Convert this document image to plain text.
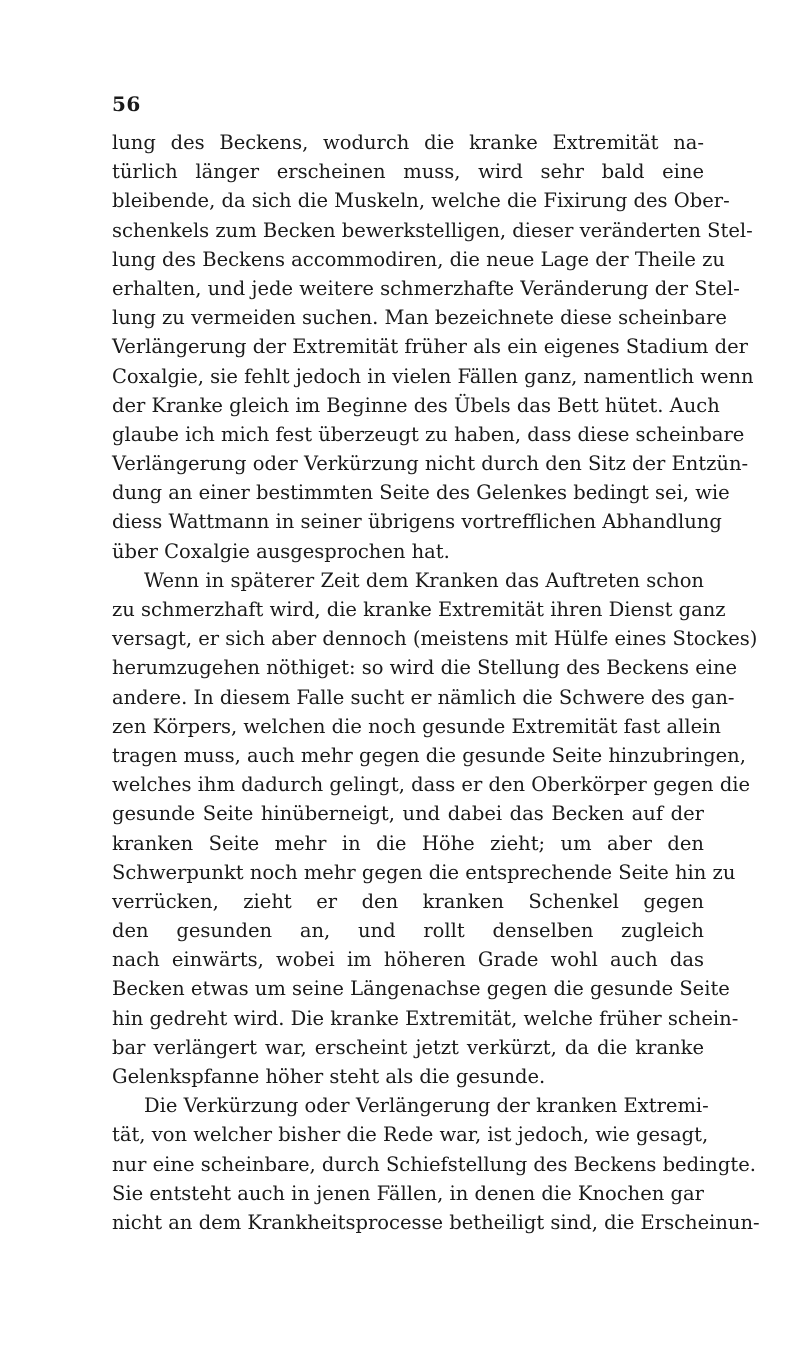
56
lung des Beckens, wodurch die kranke Extremität na-
türlich länger erscheinen muss, wird sehr bald eine
bleibende, da sich die Muskeln, welche die Fixirung des Ober-
schenkels zum Becken bewerkstelligen, dieser veränderten Stel-
lung des Beckens accommodiren, die neue Lage der Theile zu
erhalten, und jede weitere schmerzhafte Veränderung der Stel-
lung zu vermeiden suchen. Man bezeichnete diese scheinbare
Verlängerung der Extremität früher als ein eigenes Stadium der
Coxalgie, sie fehlt jedoch in vielen Fällen ganz, namentlich wenn
der Kranke gleich im Beginne des Übels das Bett hütet. Auch
glaube ich mich fest überzeugt zu haben, dass diese scheinbare
Verlängerung oder Verkürzung nicht durch den Sitz der Entzün-
dung an einer bestimmten Seite des Gelenkes bedingt sei, wie
diess Wattmann in seiner übrigens vortrefflichen Abhandlung
über Coxalgie ausgesprochen hat.
Wenn in späterer Zeit dem Kranken das Auftreten schon
zu schmerzhaft wird, die kranke Extremität ihren Dienst ganz
versagt, er sich aber dennoch (meistens mit Hülfe eines Stockes)
herumzugehen nöthiget: so wird die Stellung des Beckens eine
andere. In diesem Falle sucht er nämlich die Schwere des gan-
zen Körpers, welchen die noch gesunde Extremität fast allein
tragen muss, auch mehr gegen die gesunde Seite hinzubringen,
welches ihm dadurch gelingt, dass er den Oberkörper gegen die
gesunde Seite hinüberneigt, und dabei das Becken auf der
kranken Seite mehr in die Höhe zieht; um aber den
Schwerpunkt noch mehr gegen die entsprechende Seite hin zu
verrücken, zieht er den kranken Schenkel gegen
den gesunden an, und rollt denselben zugleich
nach einwärts, wobei im höheren Grade wohl auch das
Becken etwas um seine Längenachse gegen die gesunde Seite
hin gedreht wird. Die kranke Extremität, welche früher schein-
bar verlängert war, erscheint jetzt verkürzt, da die kranke
Gelenkspfanne höher steht als die gesunde.
Die Verkürzung oder Verlängerung der kranken Extremi-
tät, von welcher bisher die Rede war, ist jedoch, wie gesagt,
nur eine scheinbare, durch Schiefstellung des Beckens bedingte.
Sie entsteht auch in jenen Fällen, in denen die Knochen gar
nicht an dem Krankheitsprocesse betheiligt sind, die Erscheinun-
